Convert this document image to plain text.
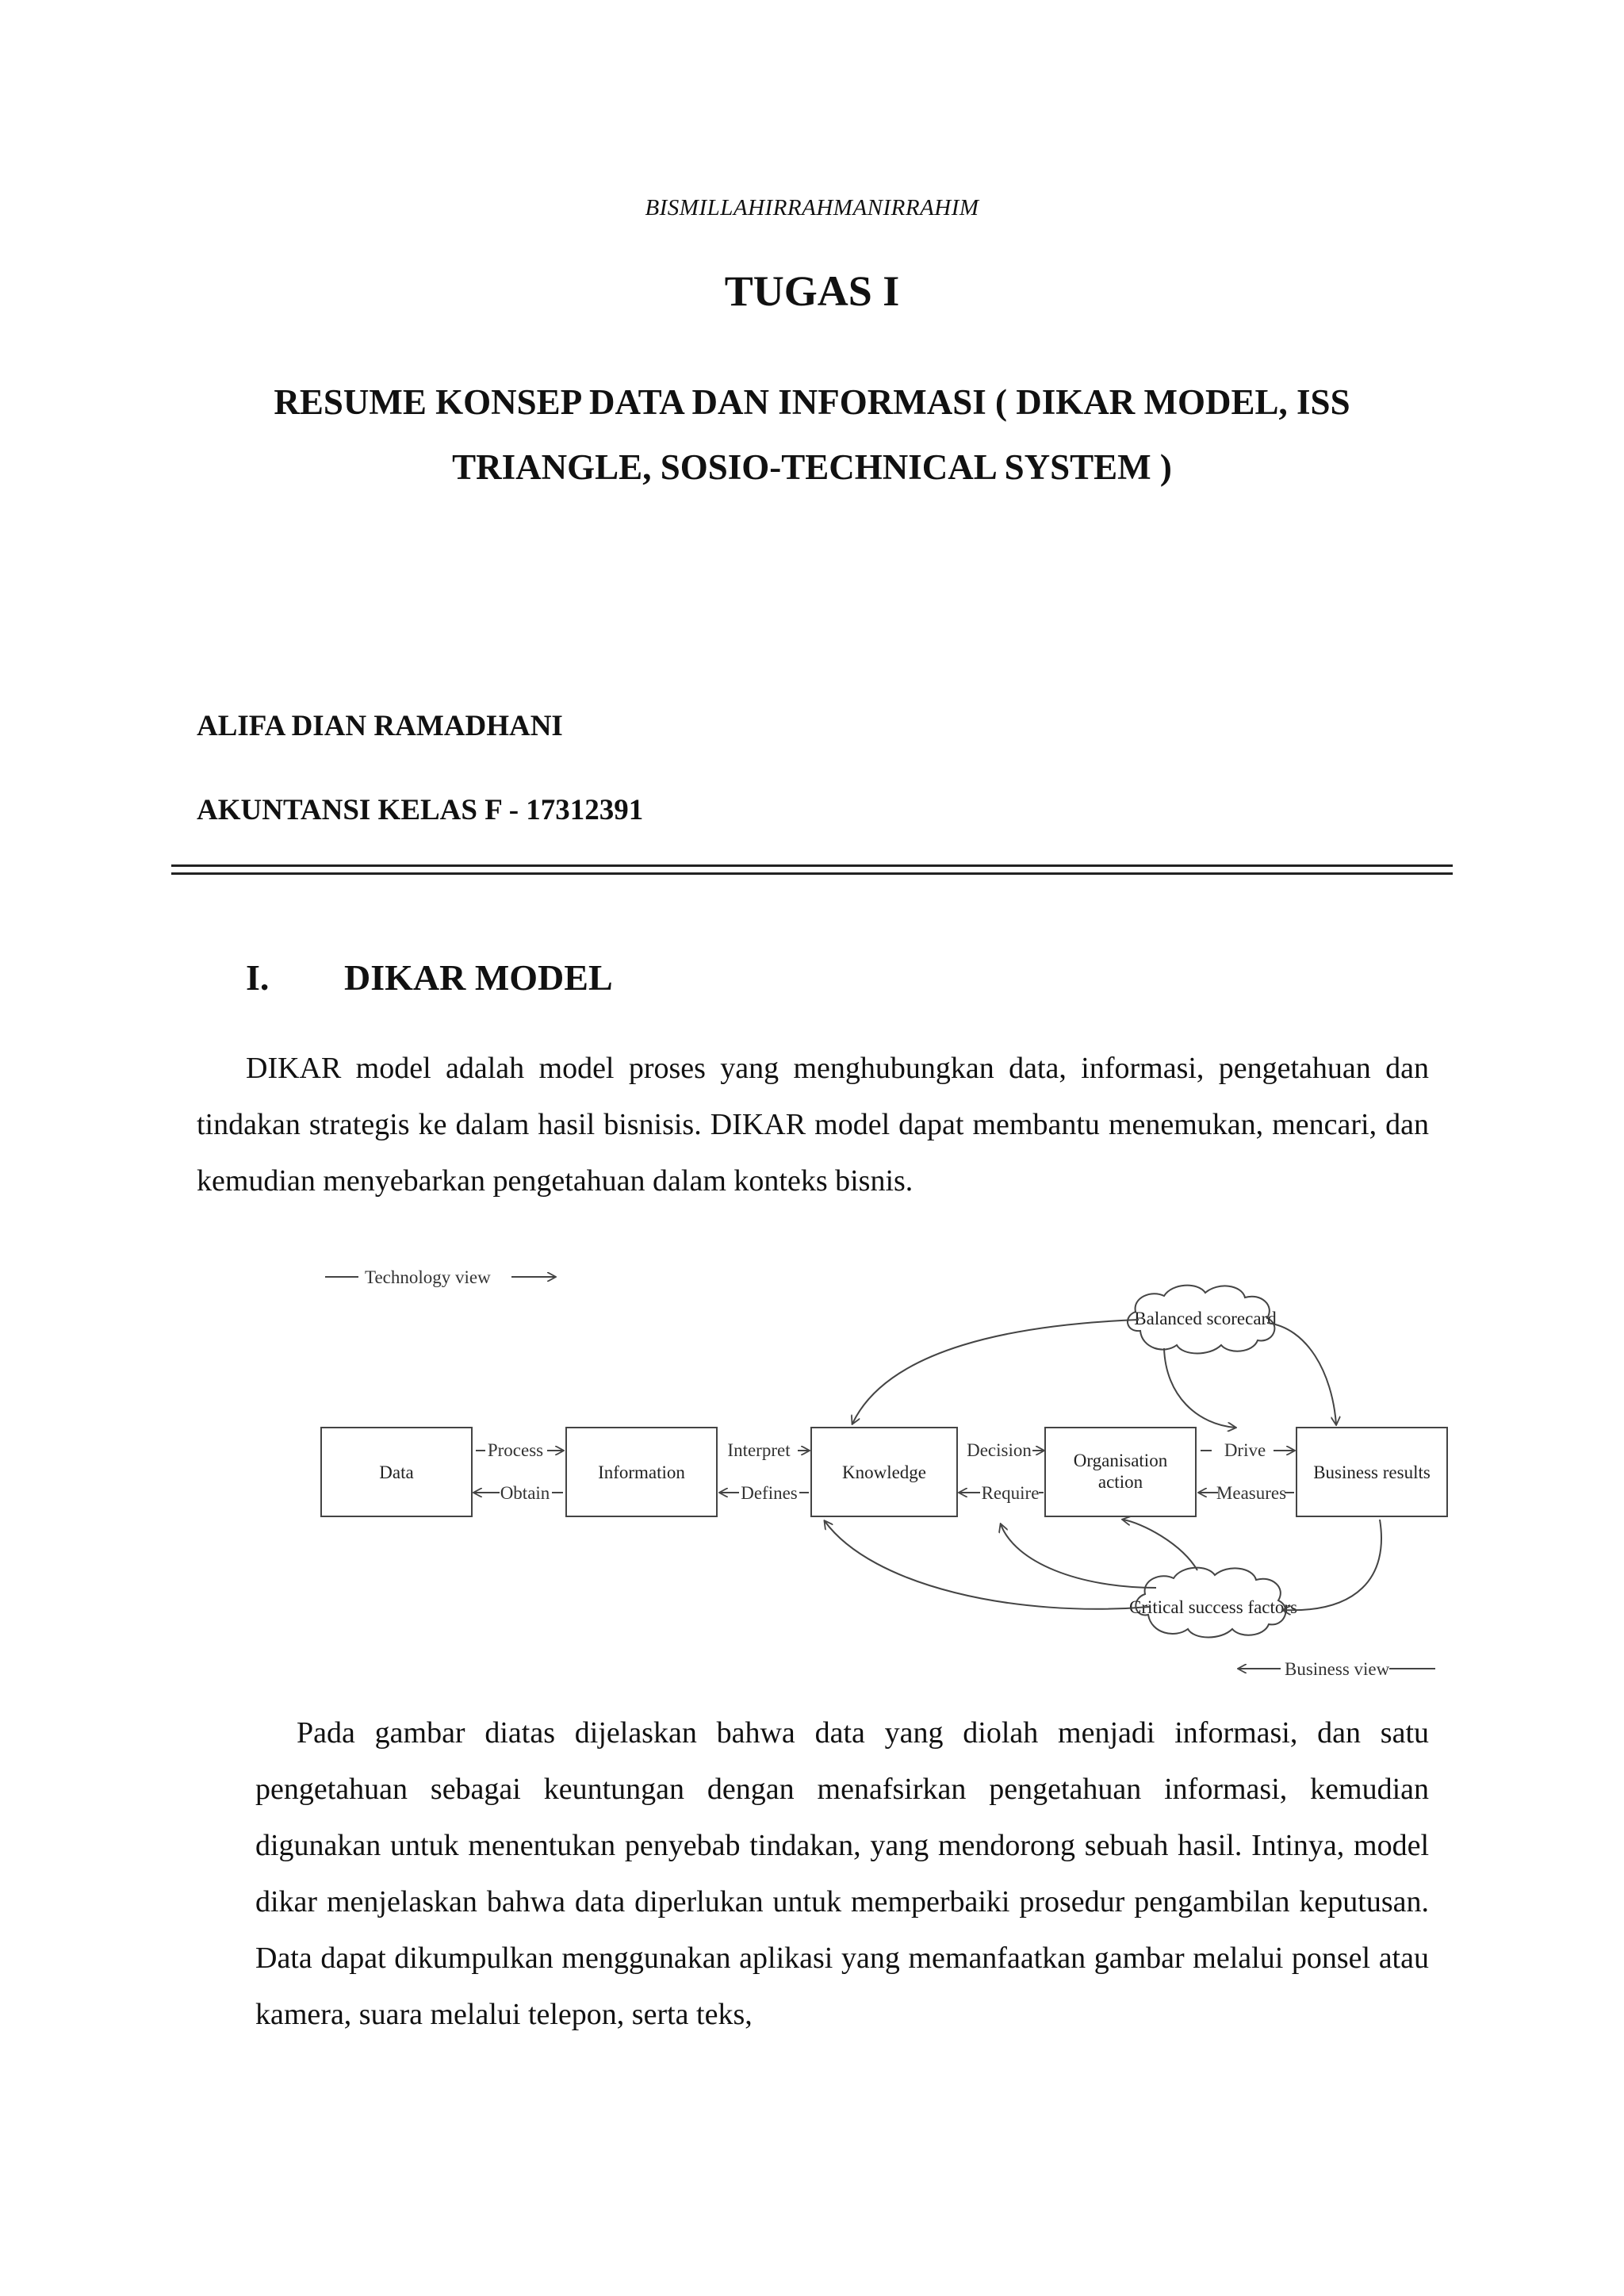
BISMILLAHIRRAHMANIRRAHIM
TUGAS I
RESUME KONSEP DATA DAN INFORMASI ( DIKAR MODEL, ISS
TRIANGLE, SOSIO-TECHNICAL SYSTEM )
ALIFA DIAN RAMADHANI
AKUNTANSI KELAS F - 17312391
I. DIKAR MODEL
DIKAR model adalah model proses yang menghubungkan data, informasi, pengetahuan dan tindakan strategis ke dalam hasil bisnisis. DIKAR model dapat membantu menemukan, mencari, dan kemudian menyebarkan pengetahuan dalam konteks bisnis.
Technology view
Data	Information	Knowledge
Organisation
action	Business results
Process	Interpret	Decision	Drive
Obtain	Defines	Require	Measures
Balanced scorecard
Critical success factors
Business view
Pada gambar diatas dijelaskan bahwa data yang diolah menjadi informasi, dan satu pengetahuan sebagai keuntungan dengan menafsirkan pengetahuan informasi, kemudian digunakan untuk menentukan penyebab tindakan, yang mendorong sebuah hasil. Intinya, model dikar menjelaskan bahwa data diperlukan untuk memperbaiki prosedur pengambilan keputusan. Data dapat dikumpulkan menggunakan aplikasi yang memanfaatkan gambar melalui ponsel atau kamera, suara melalui telepon, serta teks,
